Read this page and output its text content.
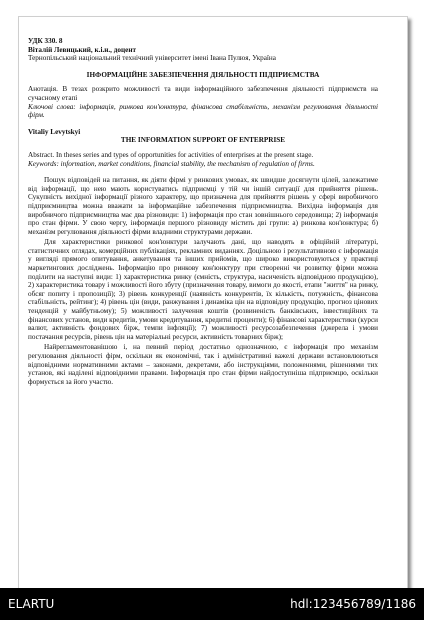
УДК 330. 8

Віталій Левицький, к.і.н., доцент

Тернопільський національний технічний університет імені Івана Пулюя, Україна

ІНФОРМАЦІЙНЕ ЗАБЕЗПЕЧЕННЯ ДІЯЛЬНОСТІ ПІДПРИЄМСТВА

Анотація. В тезах розкрито можливості та види інформаційного забезпечення діяльності підприємств на сучасному етапі

Ключові слова: інформація, ринкова кон'юнктура, фінансова стабільність, механізм регулювання діяльності фірм.

Vitaliy Levytskyi

THE INFORMATION SUPPORT OF ENTERPRISE

Abstract. In theses series and types of opportunities for activities of enterprises at the present stage.

Keywords: information, market conditions, financial stability, the mechanism of regulation of firms.

Пошук відповідей на питання, як діяти фірмі у ринкових умовах, як швидше досягнути цілей, залежатиме від інформації, що нею мають користуватись підприємці у тій чи іншій ситуації для прийняття рішень. Сукупність вихідної інформації різного характеру, що призначена для прийняття рішень у сфері виробничого підприємництва можна вважати за інформаційне забезпечення підприємництва. Вихідна інформація для виробничого підприємництва має два різновиди: 1) інформація про стан зовнішнього середовища; 2) інформація про стан фірми. У свою чергу, інформація першого різновиду містить дві групи: а) ринкова кон'юнктура; б) механізм регулювання діяльності фірми владними структурами держави.

Для характеристики ринкової кон'юнктури залучають дані, що наводять в офіційній літературі, статистичних оглядах, комерційних публікаціях, рекламних виданнях. Доцільною і результативною є інформація у вигляді прямого опитування, анкетування та інших прийомів, що широко використовуються у практиці маркетингових досліджень. Інформацію про ринкову кон'юнктуру при створенні чи розвитку фірми можна поділити на наступні види: 1) характеристика ринку (ємність, структура, насиченість відповідною продукцією), 2) характеристика товару і можливості його збуту (призначення товару, вимоги до якості, етапи "життя" на ринку, обсяг попиту і пропозиції); 3) рівень конкуренції (наявність конкурентів, їх кількість, потужність, фінансова стабільність, рейтинг); 4) рівень цін (види, ранжування і динаміка цін на відповідну продукцію, прогноз цінових тенденцій у майбутньому); 5) можливості залучення коштів (розвиненість банківських, інвестиційних та фінансових установ, види кредитів, умови кредитування, кредитні проценти); 6) фінансові характеристики (курси валют, активність фондових бірж, темпи інфляції); 7) можливості ресурсозабезпечення (джерела і умови постачання ресурсів, рівень цін на матеріальні ресурси, активність товарних бірж);

Найрегламентованішою і, на певний період достатньо однозначною, є інформація про механізм регулювання діяльності фірм, оскільки як економічні, так і адміністративні важелі держави встановлюються відповідними нормативними актами – законами, декретами, або інструкціями, положеннями, рішеннями тих установ, які наділені відповідними правами. Інформація про стан фірми найдоступніша підприємцю, оскільки формується за його участю.

ELARTU	hdl:123456789/1186
